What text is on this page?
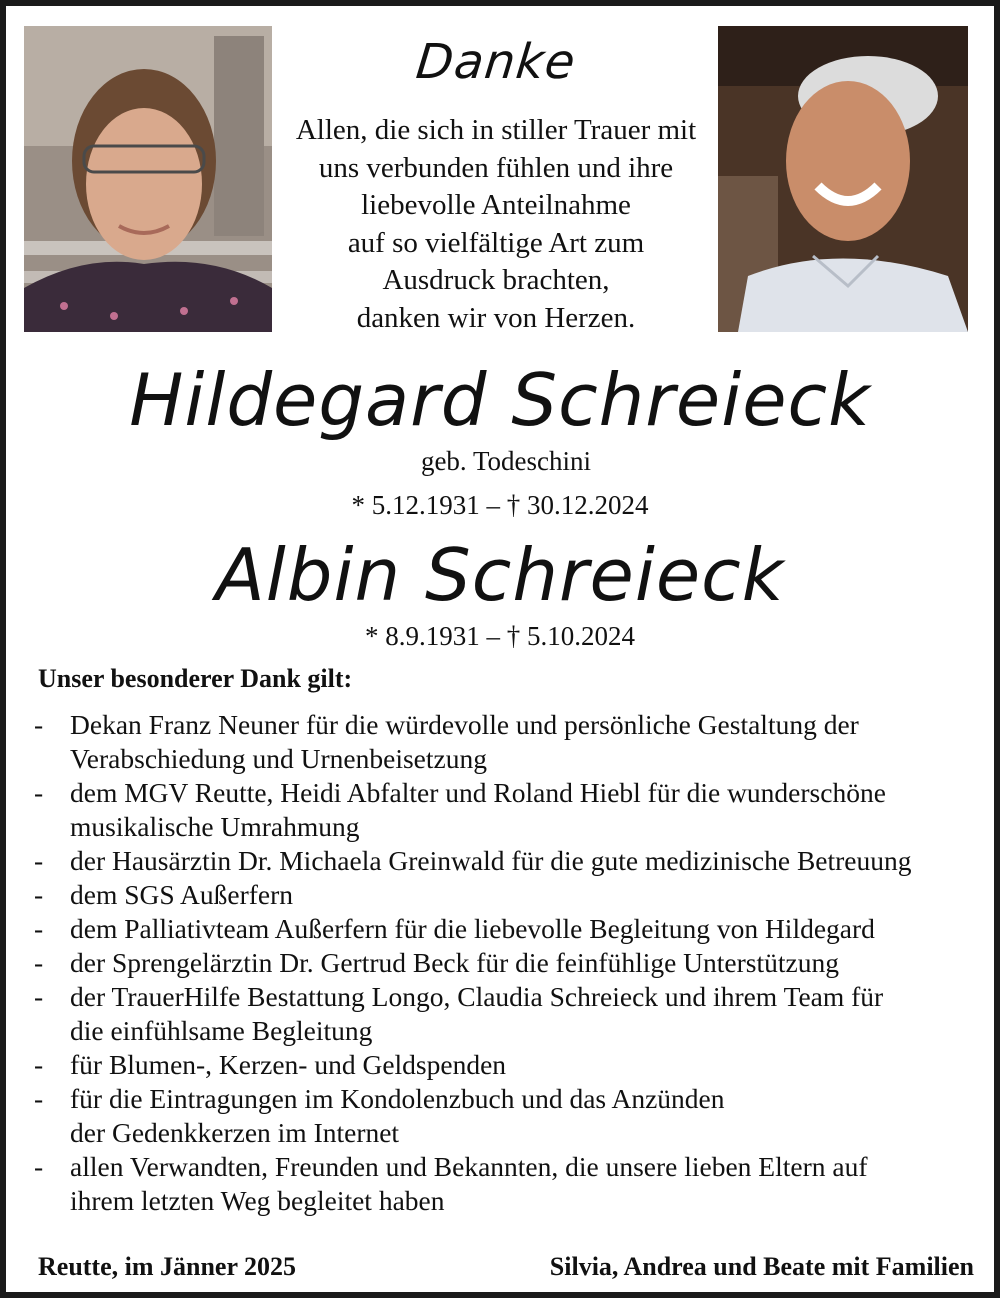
Danke
Allen, die sich in stiller Trauer mit
uns verbunden fühlen und ihre
liebevolle Anteilnahme
auf so vielfältige Art zum
Ausdruck brachten,
danken wir von Herzen.
Hildegard Schreieck
geb. Todeschini
* 5.12.1931 – † 30.12.2024
Albin Schreieck
* 8.9.1931 – † 5.10.2024
Unser besonderer Dank gilt:
- Dekan Franz Neuner für die würdevolle und persönliche Gestaltung der
Verabschiedung und Urnenbeisetzung
- dem MGV Reutte, Heidi Abfalter und Roland Hiebl für die wunderschöne
musikalische Umrahmung
- der Hausärztin Dr. Michaela Greinwald für die gute medizinische Betreuung
- dem SGS Außerfern
- dem Palliativteam Außerfern für die liebevolle Begleitung von Hildegard
- der Sprengelärztin Dr. Gertrud Beck für die feinfühlige Unterstützung
- der TrauerHilfe Bestattung Longo, Claudia Schreieck und ihrem Team für
die einfühlsame Begleitung
- für Blumen-, Kerzen- und Geldspenden
- für die Eintragungen im Kondolenzbuch und das Anzünden
der Gedenkkerzen im Internet
- allen Verwandten, Freunden und Bekannten, die unsere lieben Eltern auf
ihrem letzten Weg begleitet haben
Reutte, im Jänner 2025	Silvia, Andrea und Beate mit Familien
